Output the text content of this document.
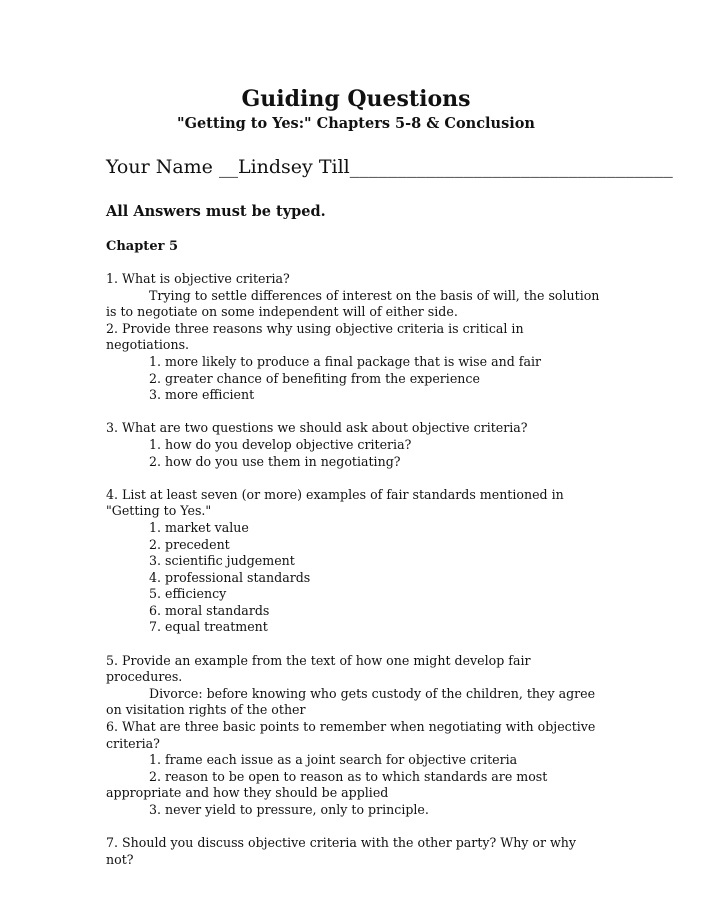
Guiding Questions
"Getting to Yes:" Chapters 5-8 & Conclusion
Your Name __Lindsey Till__________________________________
All Answers must be typed.
Chapter 5
1. What is objective criteria?
Trying to settle differences of interest on the basis of will, the solution is to negotiate on some independent will of either side.
2. Provide three reasons why using objective criteria is critical in negotiations.
1. more likely to produce a final package that is wise and fair
2. greater chance of benefiting from the experience
3. more efficient
3. What are two questions we should ask about objective criteria?
1. how do you develop objective criteria?
2. how do you use them in negotiating?
4. List at least seven (or more) examples of fair standards mentioned in "Getting to Yes."
1. market value
2. precedent
3. scientific judgement
4. professional standards
5. efficiency
6. moral standards
7. equal treatment
5. Provide an example from the text of how one might develop fair procedures.
Divorce: before knowing who gets custody of the children, they agree on visitation rights of the other
6. What are three basic points to remember when negotiating with objective criteria?
1. frame each issue as a joint search for objective criteria
2. reason to be open to reason as to which standards are most appropriate and how they should be applied
3. never yield to pressure, only to principle.
7. Should you discuss objective criteria with the other party? Why or why not?
